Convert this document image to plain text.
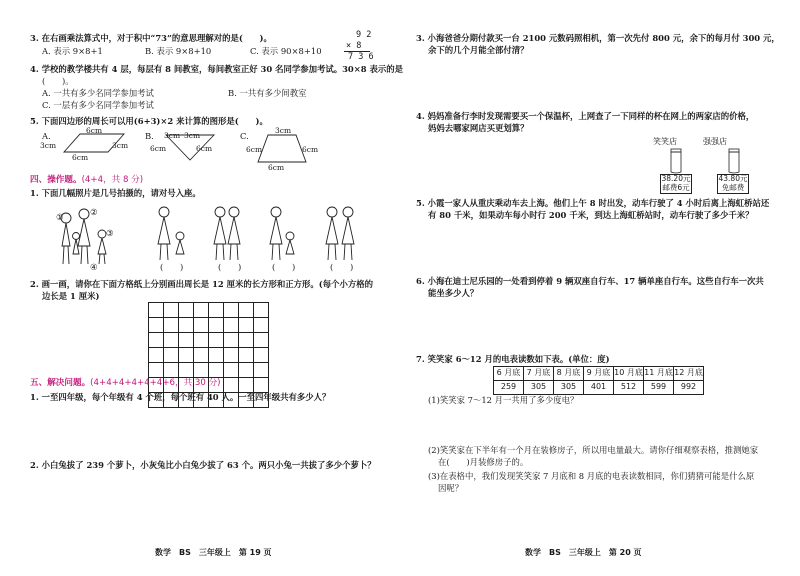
3. 在右画乘法算式中，对于积中“73”的意思理解对的是(　　)。
A. 表示 9×8+1	B. 表示 9×8+10	C. 表示 90×8+10
9 2
× 8
7 3 6
4. 学校的教学楼共有 4 层，每层有 8 间教室，每间教室正好 30 名同学参加考试。30×8 表示的是
(　　)。
A. 一共有多少名同学参加考试	B. 一共有多少间教室
C. 一层有多少名同学参加考试
5. 下面四边形的周长可以用(6+3)×2 来计算的图形是(　　)。
A.
6cm
3cm	3cm
6cm
B. 3cm 3cm
6cm	6cm
C.
3cm
6cm	6cm
6cm
四、操作题。(4+4，共 8 分)
1. 下面几幅照片是几号拍摄的，请对号入座。
②
①
③
④	(　　)	(　　)	(　　)	(　　)
2. 画一画，请你在下面方格纸上分别画出周长是 12 厘米的长方形和正方形。(每个小方格的
边长是 1 厘米)
五、解决问题。(4+4+4+4+4+4+6，共 30 分)
1. 一至四年级，每个年级有 4 个班，每个班有 40 人。一至四年级共有多少人？
2. 小白兔拔了 239 个萝卜，小灰兔比小白兔少拔了 63 个。两只小兔一共拔了多少个萝卜？
数学　BS　三年级上　第 19 页
3. 小海爸爸分期付款买一台 2100 元数码照相机，第一次先付 800 元，余下的每月付 300 元，
余下的几个月能全部付清？
4. 妈妈准备行李时发现需要买一个保温杯，上网查了一下同样的杯在网上的两家店的价格，
妈妈去哪家网店买更划算？
笑笑店	强强店
38.20元
邮费6元
43.80元
免邮费
5. 小霞一家人从重庆乘动车去上海。他们上午 8 时出发，动车行驶了 4 小时后离上海虹桥站还
有 80 千米，如果动车每小时行 200 千米，到达上海虹桥站时，动车行驶了多少千米？
6. 小海在迪士尼乐园的一处看到停着 9 辆双座自行车、17 辆单座自行车。这些自行车一次共
能坐多少人？
7. 笑笑家 6～12 月的电表读数如下表。(单位：度)
6 月底	7 月底	8 月底	9 月底	10 月底	11 月底	12 月底
259	305	305	401	512	599	992
(1)笑笑家 7～12 月一共用了多少度电？
(2)笑笑家在下半年有一个月在装修房子，所以用电量最大。请你仔细观察表格，推测她家
在(　　)月装修房子的。
(3)在表格中，我们发现笑笑家 7 月底和 8 月底的电表读数相同，你们猜猜可能是什么原
因呢？
数学　BS　三年级上　第 20 页
